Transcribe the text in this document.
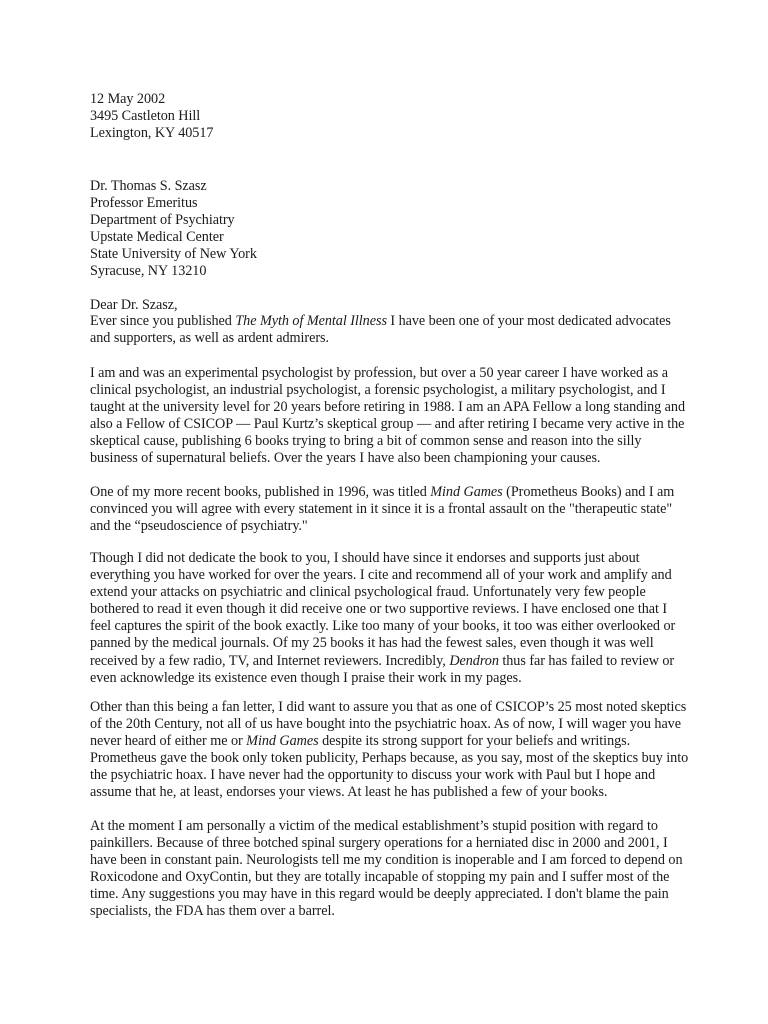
12 May 2002
3495 Castleton Hill
Lexington, KY 40517
Dr. Thomas S. Szasz
Professor Emeritus
Department of Psychiatry
Upstate Medical Center
State University of New York
Syracuse, NY 13210
Dear Dr. Szasz,
Ever since you published The Myth of Mental Illness I have been one of your most dedicated advocates
and supporters, as well as ardent admirers.
I am and was an experimental psychologist by profession, but over a 50 year career I have worked as a
clinical psychologist, an industrial psychologist, a forensic psychologist, a military psychologist, and I
taught at the university level for 20 years before retiring in 1988. I am an APA Fellow a long standing and
also a Fellow of CSICOP — Paul Kurtz’s skeptical group — and after retiring I became very active in the
skeptical cause, publishing 6 books trying to bring a bit of common sense and reason into the silly
business of supernatural beliefs. Over the years I have also been championing your causes.
One of my more recent books, published in 1996, was titled Mind Games (Prometheus Books) and I am
convinced you will agree with every statement in it since it is a frontal assault on the "therapeutic state"
and the “pseudoscience of psychiatry."
Though I did not dedicate the book to you, I should have since it endorses and supports just about
everything you have worked for over the years. I cite and recommend all of your work and amplify and
extend your attacks on psychiatric and clinical psychological fraud. Unfortunately very few people
bothered to read it even though it did receive one or two supportive reviews. I have enclosed one that I
feel captures the spirit of the book exactly. Like too many of your books, it too was either overlooked or
panned by the medical journals. Of my 25 books it has had the fewest sales, even though it was well
received by a few radio, TV, and Internet reviewers. Incredibly, Dendron thus far has failed to review or
even acknowledge its existence even though I praise their work in my pages.
Other than this being a fan letter, I did want to assure you that as one of CSICOP’s 25 most noted skeptics
of the 20th Century, not all of us have bought into the psychiatric hoax. As of now, I will wager you have
never heard of either me or Mind Games despite its strong support for your beliefs and writings.
Prometheus gave the book only token publicity, Perhaps because, as you say, most of the skeptics buy into
the psychiatric hoax. I have never had the opportunity to discuss your work with Paul but I hope and
assume that he, at least, endorses your views. At least he has published a few of your books.
At the moment I am personally a victim of the medical establishment’s stupid position with regard to
painkillers. Because of three botched spinal surgery operations for a herniated disc in 2000 and 2001, I
have been in constant pain. Neurologists tell me my condition is inoperable and I am forced to depend on
Roxicodone and OxyContin, but they are totally incapable of stopping my pain and I suffer most of the
time. Any suggestions you may have in this regard would be deeply appreciated. I don't blame the pain
specialists, the FDA has them over a barrel.
